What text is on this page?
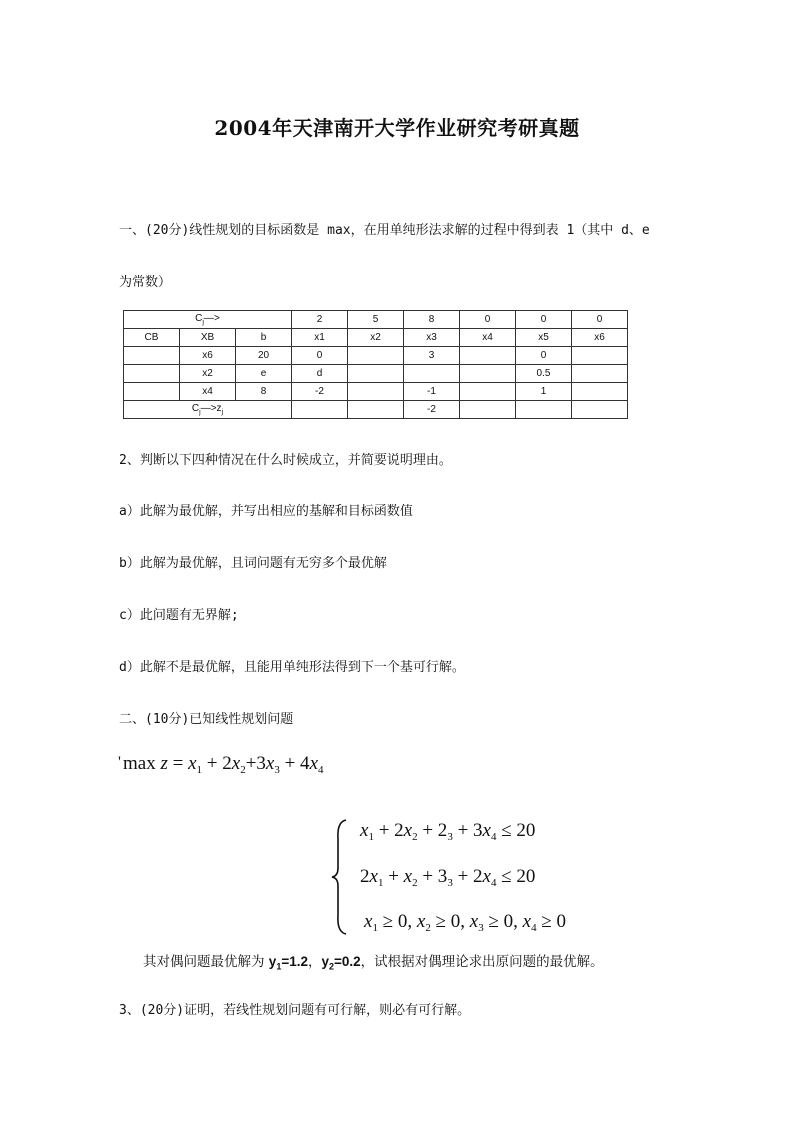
2004年天津南开大学作业研究考研真题
一、(20分)线性规划的目标函数是 max，在用单纯形法求解的过程中得到表 1（其中 d、e
为常数）
$C_j—>$			2	5	8	0	0	0
CB	XB	b	x1	x2	x3	x4	x5	x6
	x6	20	0		3		0	
	x2	e	d				0.5	
	x4	8	-2		-1		1	
$C_j—>z_j$					-2			
2、判断以下四种情况在什么时候成立，并简要说明理由。
a）此解为最优解，并写出相应的基解和目标函数值
b）此解为最优解，且词问题有无穷多个最优解
c）此问题有无界解;
d）此解不是最优解，且能用单纯形法得到下一个基可行解。
二、(10分)已知线性规划问题
' $\max z = x_1 + 2x_2+3x_3 + 4x_4$
$x_1 + 2x_2 + 2_3 + 3x_4 \le 20$
$2x_1 + x_2 + 3_3 + 2x_4 \le 20$
$x_1 \ge 0$, $x_2 \ge 0$, $x_3 \ge 0$, $x_4 \ge 0$
其对偶问题最优解为 $y_1=1.2$，$y_2=0.2$，试根据对偶理论求出原问题的最优解。
3、(20分)证明，若线性规划问题有可行解，则必有可行解。
